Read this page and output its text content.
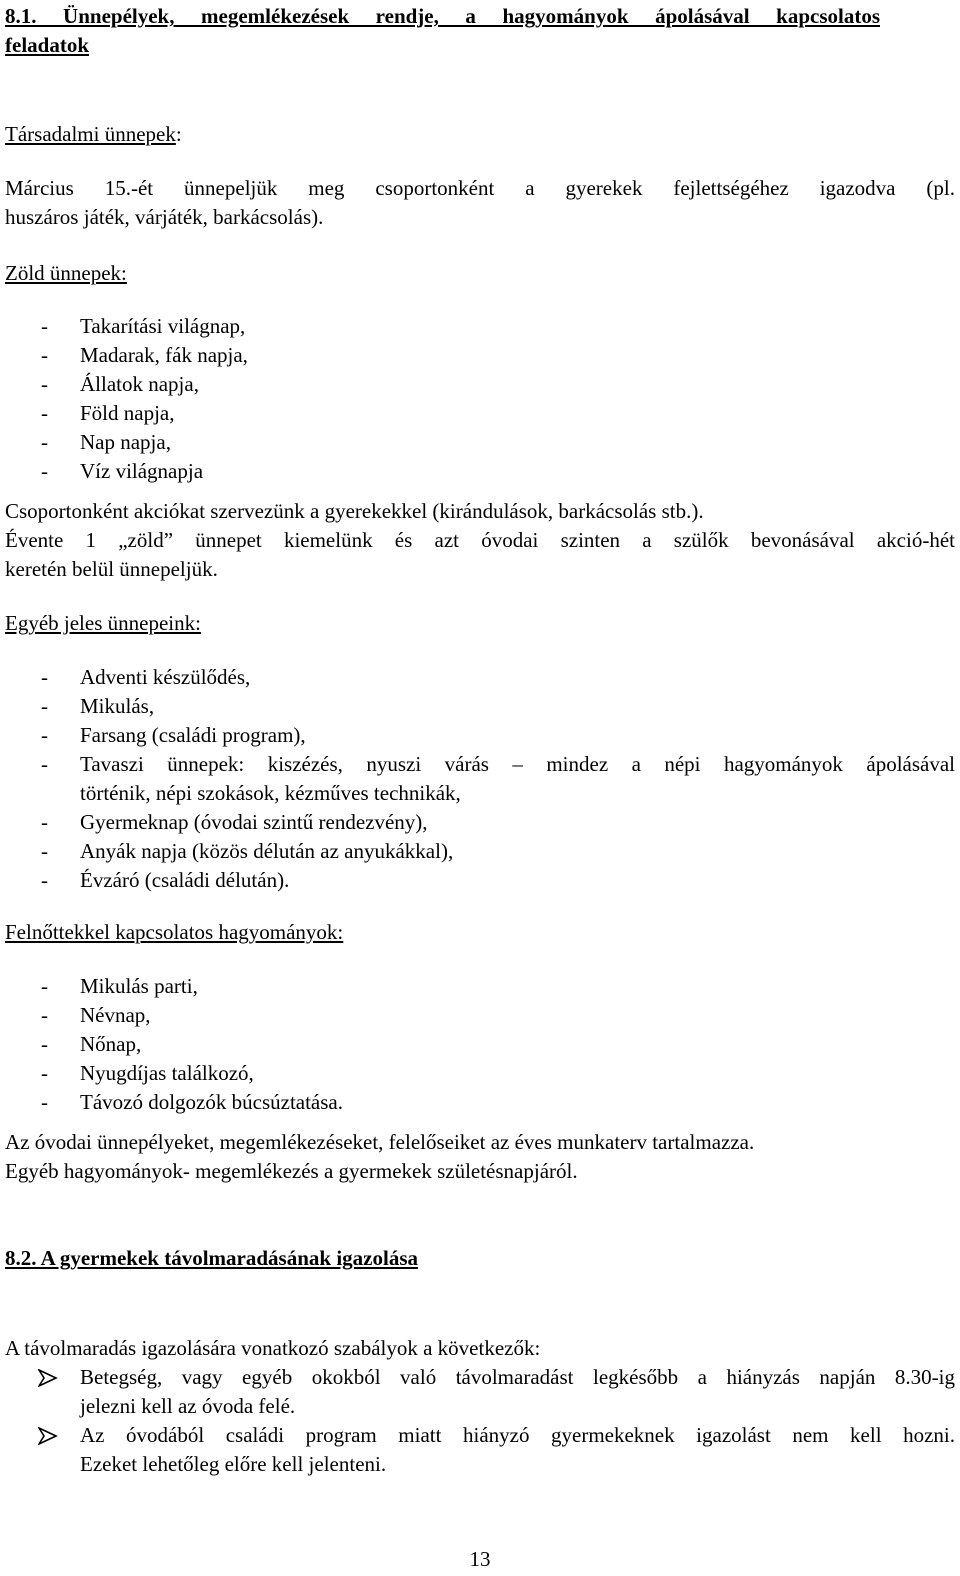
8.1. Ünnepélyek, megemlékezések rendje, a hagyományok ápolásával kapcsolatos

feladatok

Társadalmi ünnepek:

Március 15.-ét ünnepeljük meg csoportonként a gyerekek fejlettségéhez igazodva (pl.

huszáros játék, várjáték, barkácsolás).

Zöld ünnepek:

- Takarítási világnap,
- Madarak, fák napja,
- Állatok napja,
- Föld napja,
- Nap napja,
- Víz világnapja

Csoportonként akciókat szervezünk a gyerekekkel (kirándulások, barkácsolás stb.).

Évente 1 „zöld” ünnepet kiemelünk és azt óvodai szinten a szülők bevonásával akció-hét

keretén belül ünnepeljük.

Egyéb jeles ünnepeink:

- Adventi készülődés,
- Mikulás,
- Farsang (családi program),
- Tavaszi ünnepek: kiszézés, nyuszi várás – mindez a népi hagyományok ápolásával
történik, népi szokások, kézműves technikák,
- Gyermeknap (óvodai szintű rendezvény),
- Anyák napja (közös délután az anyukákkal),
- Évzáró (családi délután).

Felnőttekkel kapcsolatos hagyományok:

- Mikulás parti,
- Névnap,
- Nőnap,
- Nyugdíjas találkozó,
- Távozó dolgozók búcsúztatása.

Az óvodai ünnepélyeket, megemlékezéseket, felelőseiket az éves munkaterv tartalmazza.

Egyéb hagyományok- megemlékezés a gyermekek születésnapjáról.

8.2. A gyermekek távolmaradásának igazolása

A távolmaradás igazolására vonatkozó szabályok a következők:

Betegség, vagy egyéb okokból való távolmaradást legkésőbb a hiányzás napján 8.30-ig
jelezni kell az óvoda felé.
Az óvodából családi program miatt hiányzó gyermekeknek igazolást nem kell hozni.
Ezeket lehetőleg előre kell jelenteni.
13
